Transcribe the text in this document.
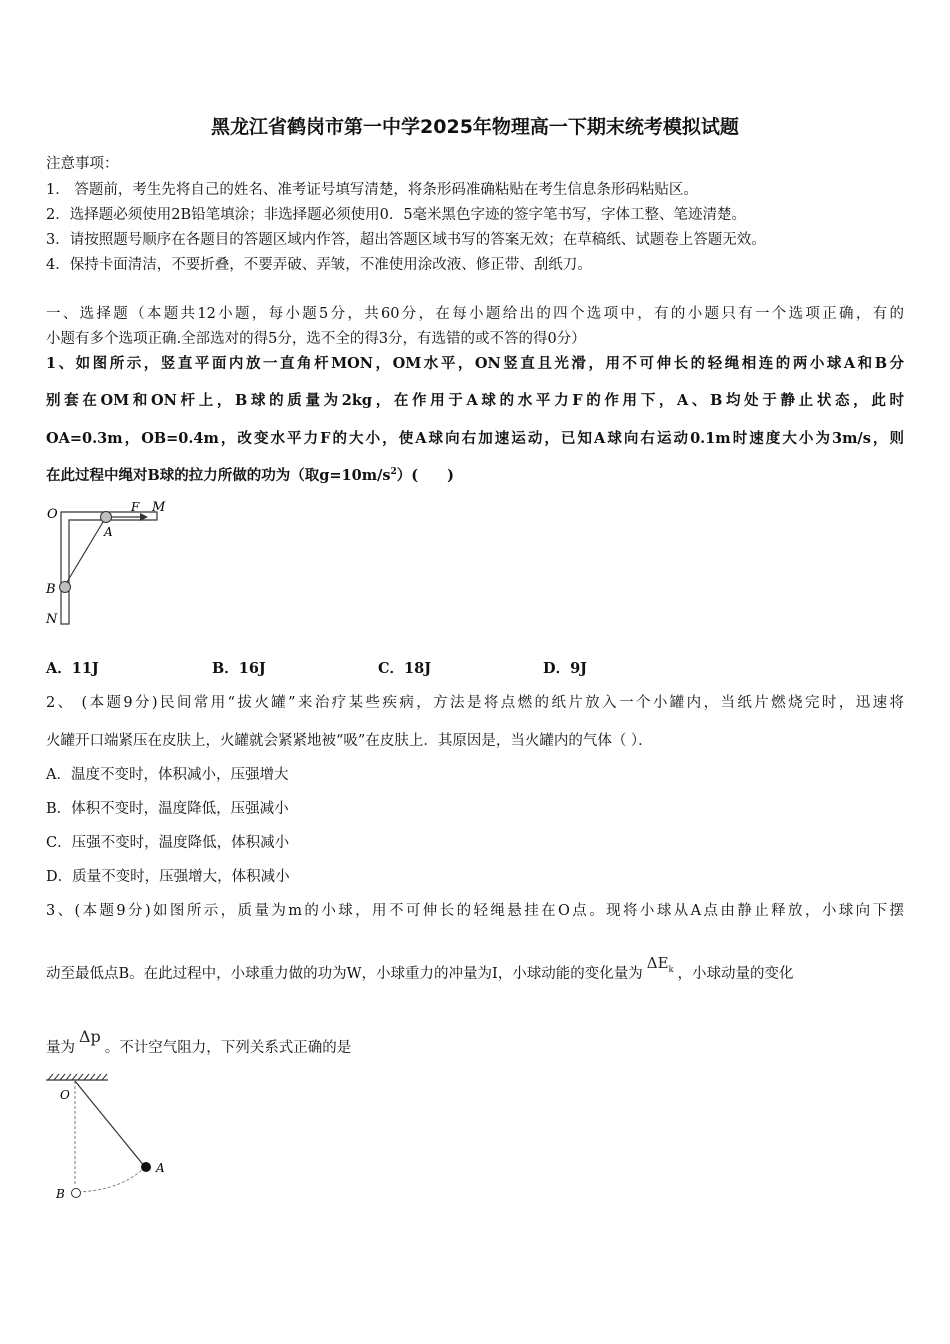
黑龙江省鹤岗市第一中学2025年物理高一下期末统考模拟试题
注意事项：
1． 答题前，考生先将自己的姓名、准考证号填写清楚，将条形码准确粘贴在考生信息条形码粘贴区。
2．选择题必须使用2B铅笔填涂；非选择题必须使用0．5毫米黑色字迹的签字笔书写，字体工整、笔迹清楚。
3．请按照题号顺序在各题目的答题区域内作答，超出答题区域书写的答案无效；在草稿纸、试题卷上答题无效。
4．保持卡面清洁，不要折叠，不要弄破、弄皱，不准使用涂改液、修正带、刮纸刀。
一、选择题（本题共12小题，每小题5分，共60分，在每小题给出的四个选项中，有的小题只有一个选项正确，有的
小题有多个选项正确.全部选对的得5分，选不全的得3分，有选错的或不答的得0分）
1、如图所示，竖直平面内放一直角杆MON，OM水平，ON竖直且光滑，用不可伸长的轻绳相连的两小球A和B分
别套在OM和ON杆上，B球的质量为2kg，在作用于A球的水平力F的作用下，A、B均处于静止状态，此时
OA=0.3m，OB=0.4m，改变水平力F的大小，使A球向右加速运动，已知A球向右运动0.1m时速度大小为3m/s，则
在此过程中绳对B球的拉力所做的功为（取$g=10m/s^2$）(　　)
O	F M
A
B
N
A．11J	B．16J	C．18J	D．9J
2、 (本题9分)民间常用“拔火罐”来治疗某些疾病，方法是将点燃的纸片放入一个小罐内，当纸片燃烧完时，迅速将
火罐开口端紧压在皮肤上，火罐就会紧紧地被“吸”在皮肤上．其原因是，当火罐内的气体（ ）．
A．温度不变时，体积减小，压强增大
B．体积不变时，温度降低，压强减小
C．压强不变时，温度降低，体积减小
D．质量不变时，压强增大，体积减小
3、(本题9分)如图所示，质量为m的小球，用不可伸长的轻绳悬挂在O点。现将小球从A点由静止释放，小球向下摆
动至最低点B。在此过程中，小球重力做的功为W，小球重力的冲量为I，小球动能的变化量为$\Delta E_k$ ，小球动量的变化
量为Δp。不计空气阻力，下列关系式正确的是
O
A
B
